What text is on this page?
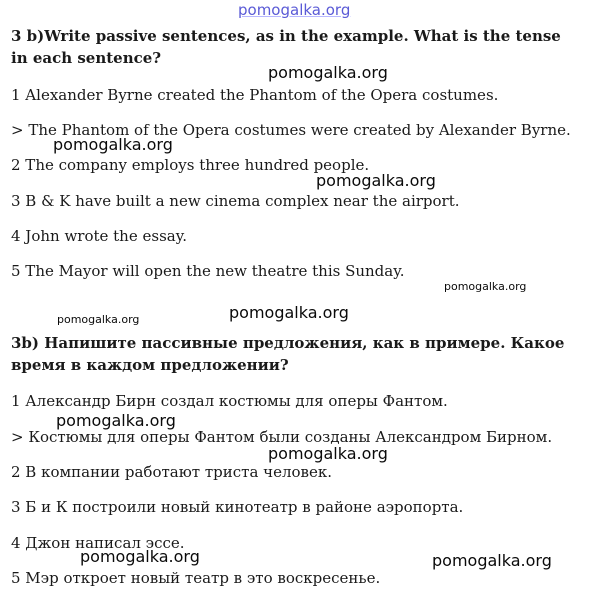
pomogalka.org
3 b)Write passive sentences, as in the example. What is the tense in each sentence?
1 Alexander Byrne created the Phantom of the Opera costumes.
> The Phantom of the Opera costumes were created by Alexander Byrne.
2 The company employs three hundred people.
3 B & K have built a new cinema complex near the airport.
4 John wrote the essay.
5 The Mayor will open the new theatre this Sunday.
3b) Напишите пассивные предложения, как в примере. Какое время в каждом предложении?
1 Александр Бирн создал костюмы для оперы Фантом.
> Костюмы для оперы Фантом были созданы Александром Бирном.
2 В компании работают триста человек.
3 Б и К построили новый кинотеатр в районе аэропорта.
4 Джон написал эссе.
5 Мэр откроет новый театр в это воскресенье.
pomogalka.org
pomogalka.org
pomogalka.org
pomogalka.org
pomogalka.org
pomogalka.org
pomogalka.org
pomogalka.org
pomogalka.org	pomogalka.org
